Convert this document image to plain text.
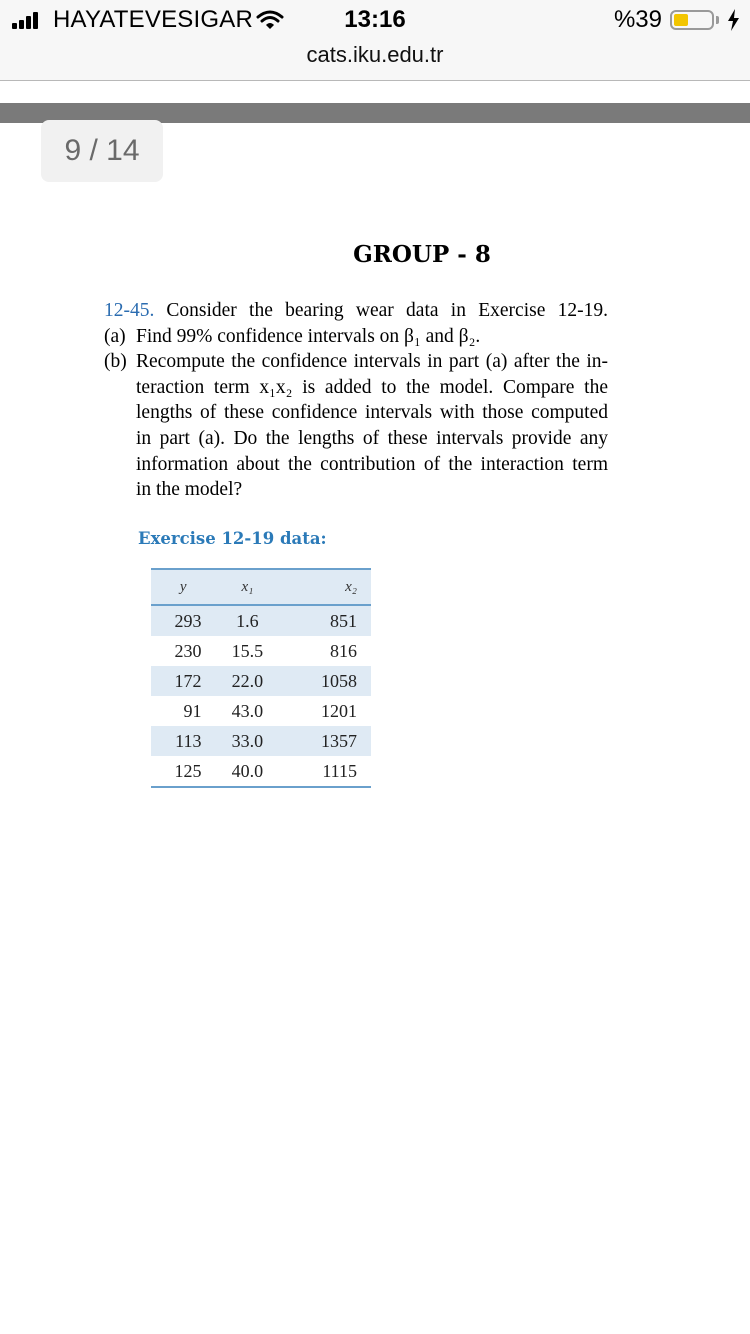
HAYATEVESIGAR	13:16	%39
cats.iku.edu.tr
GROUP - 8
12-45. Consider the bearing wear data in Exercise 12-19.
(a) Find 99% confidence intervals on β₁ and β₂.
(b) Recompute the confidence intervals in part (a) after the in-
teraction term x₁x₂ is added to the model. Compare the
lengths of these confidence intervals with those computed
in part (a). Do the lengths of these intervals provide any
information about the contribution of the interaction term
in the model?
Exercise 12-19 data:
y	x₁	x₂
293	1.6	851
230	15.5	816
172	22.0	1058
91	43.0	1201
113	33.0	1357
125	40.0	1115
9 / 14
